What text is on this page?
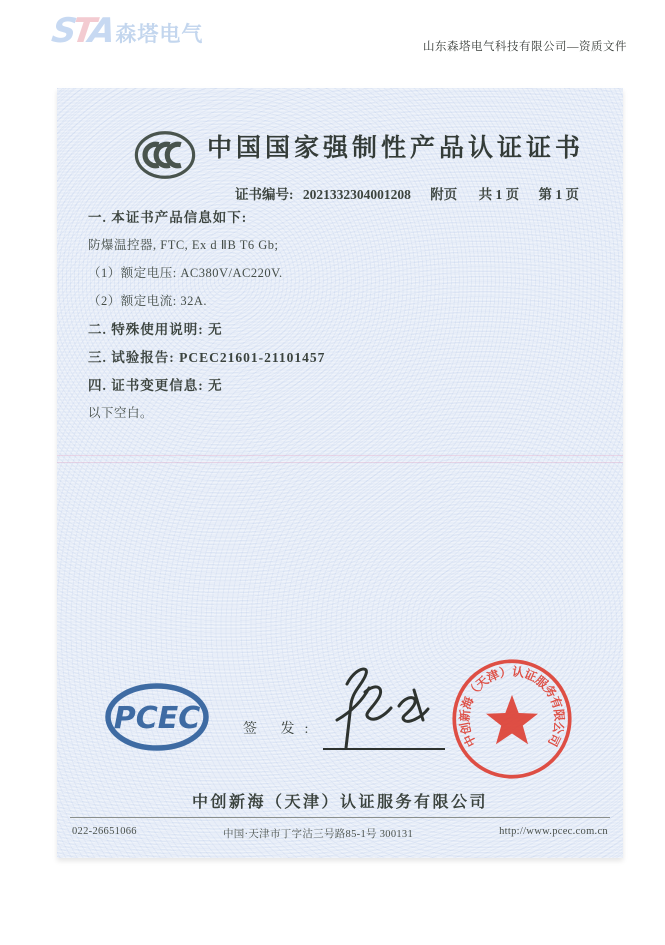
STA 森塔电气
山东森塔电气科技有限公司—资质文件
中国国家强制性产品认证证书
证书编号: 2021332304001208 附页 共 1 页 第 1 页
一. 本证书产品信息如下:
防爆温控器, FTC, Ex d ⅡB T6 Gb;
（1）额定电压: AC380V/AC220V.
（2）额定电流: 32A.
二. 特殊使用说明: 无
三. 试验报告: PCEC21601-21101457
四. 证书变更信息: 无
以下空白。
PCEC	签 发:
中创新海（天津）认证服务有限公司
中创新海（天津）认证服务有限公司
022-26651066	中国·天津市丁字沽三号路85-1号 300131	http://www.pcec.com.cn
